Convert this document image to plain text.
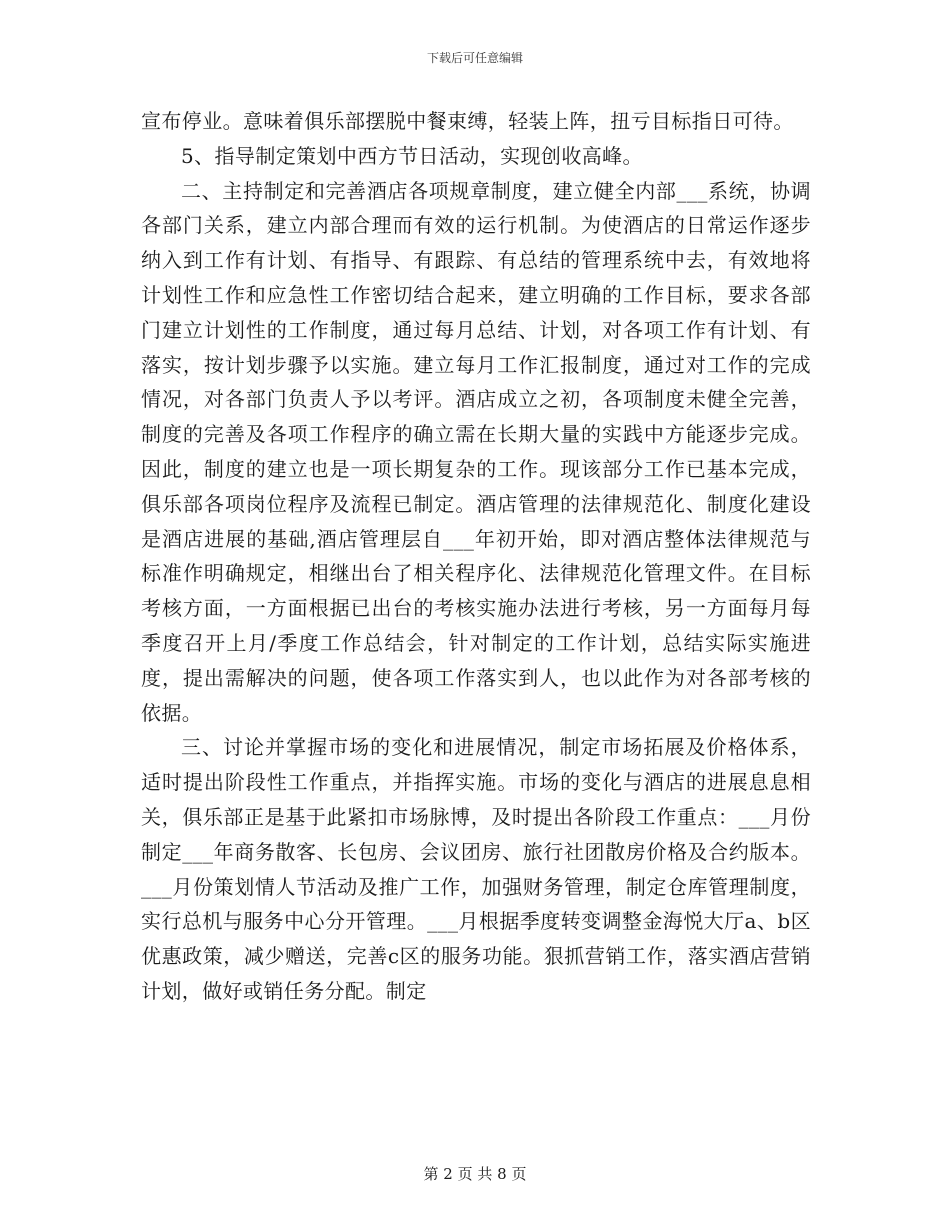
下载后可任意编辑

宣布停业。意味着俱乐部摆脱中餐束缚，轻装上阵，扭亏目标指日可待。

5、指导制定策划中西方节日活动，实现创收高峰。

二、主持制定和完善酒店各项规章制度，建立健全内部___系统，协调各部门关系，建立内部合理而有效的运行机制。为使酒店的日常运作逐步纳入到工作有计划、有指导、有跟踪、有总结的管理系统中去，有效地将计划性工作和应急性工作密切结合起来，建立明确的工作目标，要求各部门建立计划性的工作制度，通过每月总结、计划，对各项工作有计划、有落实，按计划步骤予以实施。建立每月工作汇报制度，通过对工作的完成情况，对各部门负责人予以考评。酒店成立之初，各项制度未健全完善，制度的完善及各项工作程序的确立需在长期大量的实践中方能逐步完成。因此，制度的建立也是一项长期复杂的工作。现该部分工作已基本完成，俱乐部各项岗位程序及流程已制定。酒店管理的法律规范化、制度化建设是酒店进展的基础,酒店管理层自___年初开始，即对酒店整体法律规范与标准作明确规定，相继出台了相关程序化、法律规范化管理文件。在目标考核方面，一方面根据已出台的考核实施办法进行考核，另一方面每月每季度召开上月/季度工作总结会，针对制定的工作计划，总结实际实施进度，提出需解决的问题，使各项工作落实到人，也以此作为对各部考核的依据。

三、讨论并掌握市场的变化和进展情况，制定市场拓展及价格体系，适时提出阶段性工作重点，并指挥实施。市场的变化与酒店的进展息息相关，俱乐部正是基于此紧扣市场脉博，及时提出各阶段工作重点：___月份制定___年商务散客、长包房、会议团房、旅行社团散房价格及合约版本。___月份策划情人节活动及推广工作，加强财务管理，制定仓库管理制度，实行总机与服务中心分开管理。___月根据季度转变调整金海悦大厅a、b区优惠政策，减少赠送，完善c区的服务功能。狠抓营销工作，落实酒店营销计划，做好或销任务分配。制定

第 2 页 共 8 页
